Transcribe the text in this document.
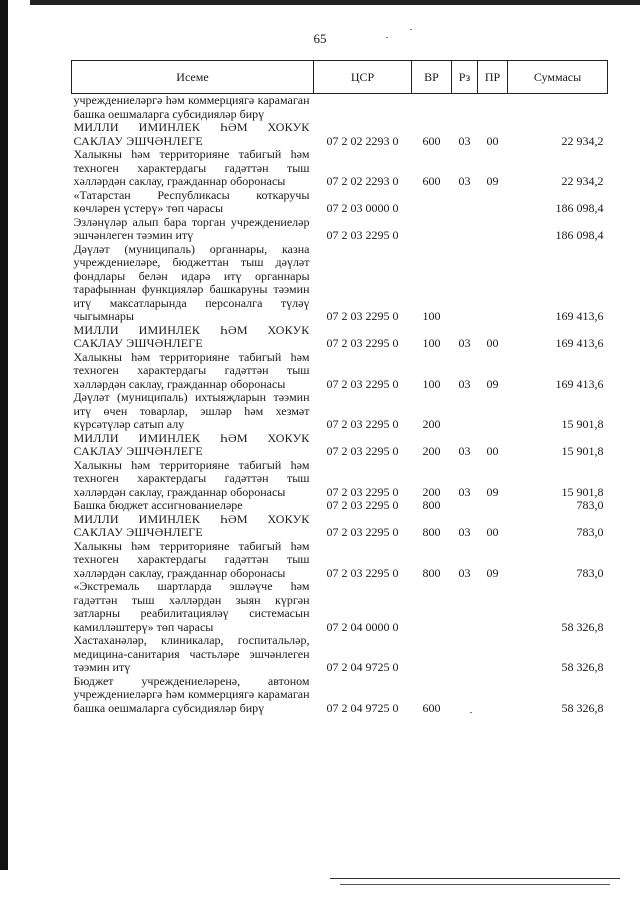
65
Исеме	ЦСР	ВР	Рз	ПР	Суммасы
учреждениеләргә һәм коммерциягә карамаган башка оешмаларга субсидияләр бирү					
МИЛЛИ ИМИНЛЕК ҺӘМ ХОКУК САКЛАУ ЭШЧӘНЛЕГЕ	07 2 02 2293 0	600	03	00	22 934,2
Халыкны һәм территорияне табигый һәм техноген характердагы гадәттән тыш хәлләрдән саклау, гражданнар оборонасы	07 2 02 2293 0	600	03	09	22 934,2
«Татарстан Республикасы коткаручы көчләрен үстерү» төп чарасы	07 2 03 0000 0				186 098,4
Эзләнүләр алып бара торган учреждениеләр эшчәнлеген тәэмин итү	07 2 03 2295 0				186 098,4
Дәүләт (муниципаль) органнары, казна учреждениеләре, бюджеттан тыш дәүләт фондлары белән идарә итү органнары тарафыннан функцияләр башкаруны тәэмин итү максатларында персоналга түләү чыгымнары	07 2 03 2295 0	100			169 413,6
МИЛЛИ ИМИНЛЕК ҺӘМ ХОКУК САКЛАУ ЭШЧӘНЛЕГЕ	07 2 03 2295 0	100	03	00	169 413,6
Халыкны һәм территорияне табигый һәм техноген характердагы гадәттән тыш хәлләрдән саклау, гражданнар оборонасы	07 2 03 2295 0	100	03	09	169 413,6
Дәүләт (муниципаль) ихтыяҗларын тәэмин итү өчен товарлар, эшләр һәм хезмәт күрсәтүләр сатып алу	07 2 03 2295 0	200			15 901,8
МИЛЛИ ИМИНЛЕК ҺӘМ ХОКУК САКЛАУ ЭШЧӘНЛЕГЕ	07 2 03 2295 0	200	03	00	15 901,8
Халыкны һәм территорияне табигый һәм техноген характердагы гадәттән тыш хәлләрдән саклау, гражданнар оборонасы	07 2 03 2295 0	200	03	09	15 901,8
Башка бюджет ассигнованиеләре	07 2 03 2295 0	800			783,0
МИЛЛИ ИМИНЛЕК ҺӘМ ХОКУК САКЛАУ ЭШЧӘНЛЕГЕ	07 2 03 2295 0	800	03	00	783,0
Халыкны һәм территорияне табигый һәм техноген характердагы гадәттән тыш хәлләрдән саклау, гражданнар оборонасы	07 2 03 2295 0	800	03	09	783,0
«Экстремаль шартларда эшләүче һәм гадәттән тыш хәлләрдән зыян күргән затларны реабилитацияләү системасын камилләштерү» төп чарасы	07 2 04 0000 0				58 326,8
Хастаханәләр, клиникалар, госпитальләр, медицина-санитария частьләре эшчәнлеген тәэмин итү	07 2 04 9725 0				58 326,8
Бюджет учреждениеләренә, автоном учреждениеләргә һәм коммерциягә карамаган башка оешмаларга субсидияләр бирү	07 2 04 9725 0	600			58 326,8
